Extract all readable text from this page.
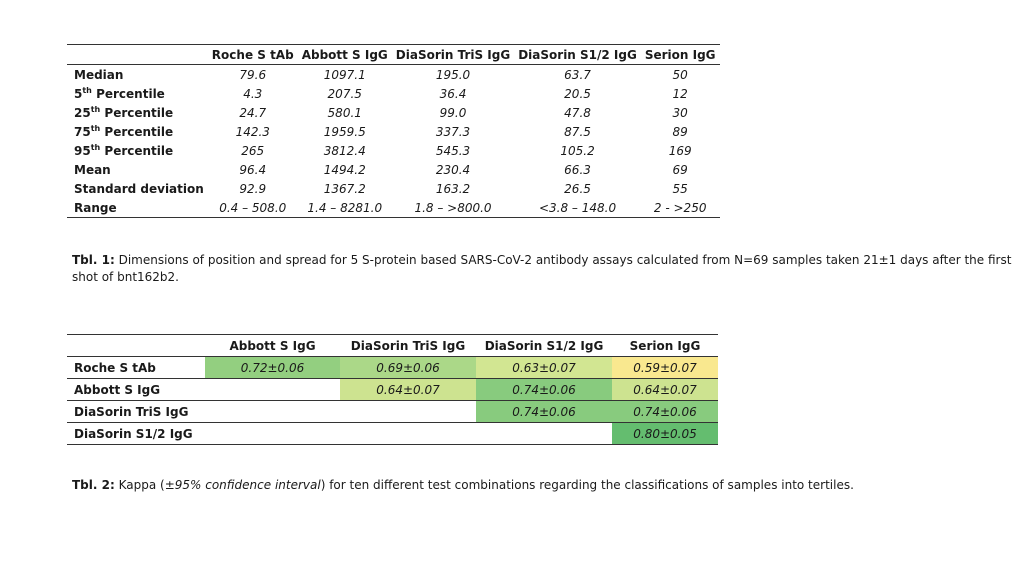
	Roche S tAb	Abbott S IgG	DiaSorin TriS IgG	DiaSorin S1/2 IgG	Serion IgG
Median	79.6	1097.1	195.0	63.7	50
5th Percentile	4.3	207.5	36.4	20.5	12
25th Percentile	24.7	580.1	99.0	47.8	30
75th Percentile	142.3	1959.5	337.3	87.5	89
95th Percentile	265	3812.4	545.3	105.2	169
Mean	96.4	1494.2	230.4	66.3	69
Standard deviation	92.9	1367.2	163.2	26.5	55
Range	0.4 – 508.0	1.4 – 8281.0	1.8 – >800.0	<3.8 – 148.0	2 - >250
Tbl. 1: Dimensions of position and spread for 5 S-protein based SARS-CoV-2 antibody assays calculated from N=69 samples taken 21±1 days after the first shot of bnt162b2.
	Abbott S IgG	DiaSorin TriS IgG	DiaSorin S1/2 IgG	Serion IgG
Roche S tAb	0.72±0.06	0.69±0.06	0.63±0.07	0.59±0.07
Abbott S IgG		0.64±0.07	0.74±0.06	0.64±0.07
DiaSorin TriS IgG			0.74±0.06	0.74±0.06
DiaSorin S1/2 IgG				0.80±0.05
Tbl. 2: Kappa (±95% confidence interval) for ten different test combinations regarding the classifications of samples into tertiles.
